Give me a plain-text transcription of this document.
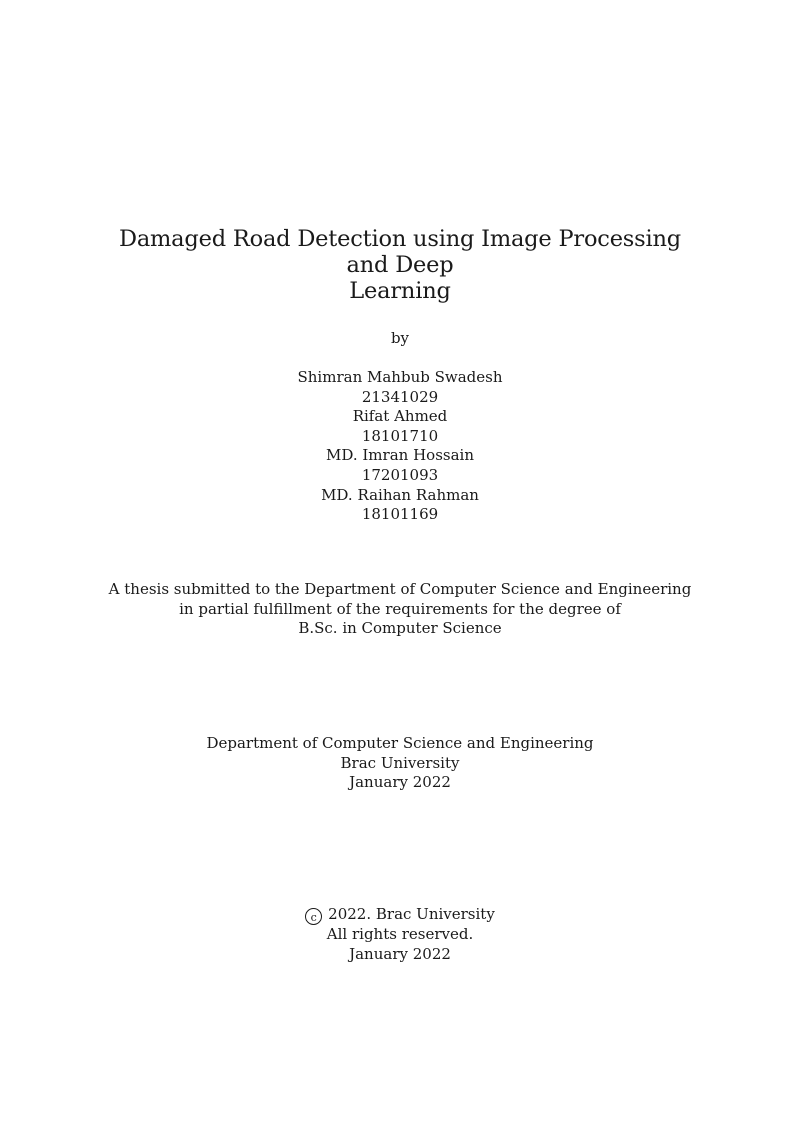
Damaged Road Detection using Image Processing and Deep
Learning
by
Shimran Mahbub Swadesh
21341029
Rifat Ahmed
18101710
MD. Imran Hossain
17201093
MD. Raihan Rahman
18101169
A thesis submitted to the Department of Computer Science and Engineering
in partial fulfillment of the requirements for the degree of
B.Sc. in Computer Science
Department of Computer Science and Engineering
Brac University
January 2022
c 2022. Brac University
All rights reserved.
January 2022
